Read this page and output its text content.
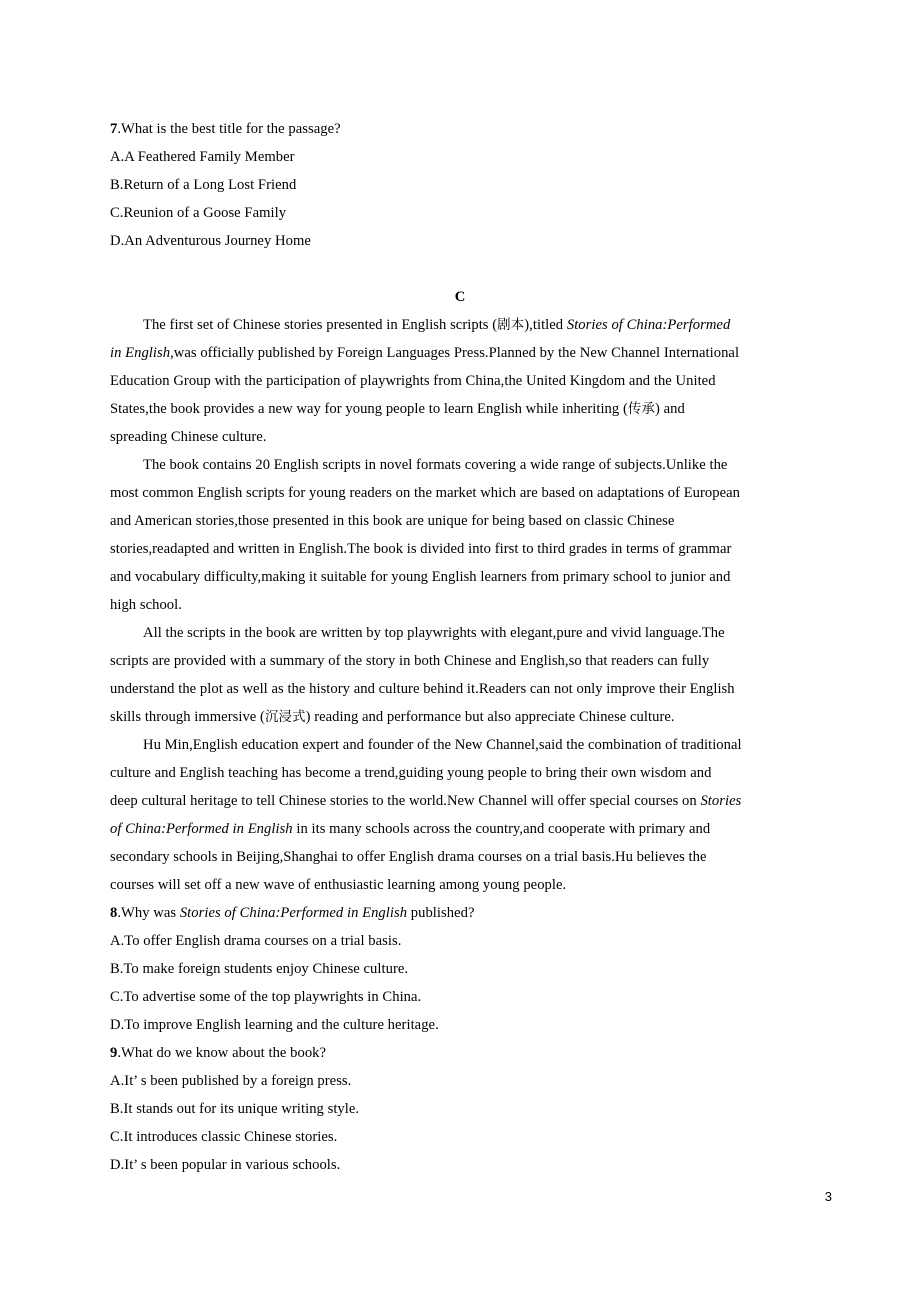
7.What is the best title for the passage?
A.A Feathered Family Member
B.Return of a Long Lost Friend
C.Reunion of a Goose Family
D.An Adventurous Journey Home
C
The first set of Chinese stories presented in English scripts (剧本),titled Stories of China:Performed
in English,was officially published by Foreign Languages Press.Planned by the New Channel International
Education Group with the participation of playwrights from China,the United Kingdom and the United
States,the book provides a new way for young people to learn English while inheriting (传承) and
spreading Chinese culture.
The book contains 20 English scripts in novel formats covering a wide range of subjects.Unlike the
most common English scripts for young readers on the market which are based on adaptations of European
and American stories,those presented in this book are unique for being based on classic Chinese
stories,readapted and written in English.The book is divided into first to third grades in terms of grammar
and vocabulary difficulty,making it suitable for young English learners from primary school to junior and
high school.
All the scripts in the book are written by top playwrights with elegant,pure and vivid language.The
scripts are provided with a summary of the story in both Chinese and English,so that readers can fully
understand the plot as well as the history and culture behind it.Readers can not only improve their English
skills through immersive (沉浸式) reading and performance but also appreciate Chinese culture.
Hu Min,English education expert and founder of the New Channel,said the combination of traditional
culture and English teaching has become a trend,guiding young people to bring their own wisdom and
deep cultural heritage to tell Chinese stories to the world.New Channel will offer special courses on Stories
of China:Performed in English in its many schools across the country,and cooperate with primary and
secondary schools in Beijing,Shanghai to offer English drama courses on a trial basis.Hu believes the
courses will set off a new wave of enthusiastic learning among young people.
8.Why was Stories of China:Performed in English published?
A.To offer English drama courses on a trial basis.
B.To make foreign students enjoy Chinese culture.
C.To advertise some of the top playwrights in China.
D.To improve English learning and the culture heritage.
9.What do we know about the book?
A.It’ s been published by a foreign press.
B.It stands out for its unique writing style.
C.It introduces classic Chinese stories.
D.It’ s been popular in various schools.
3
